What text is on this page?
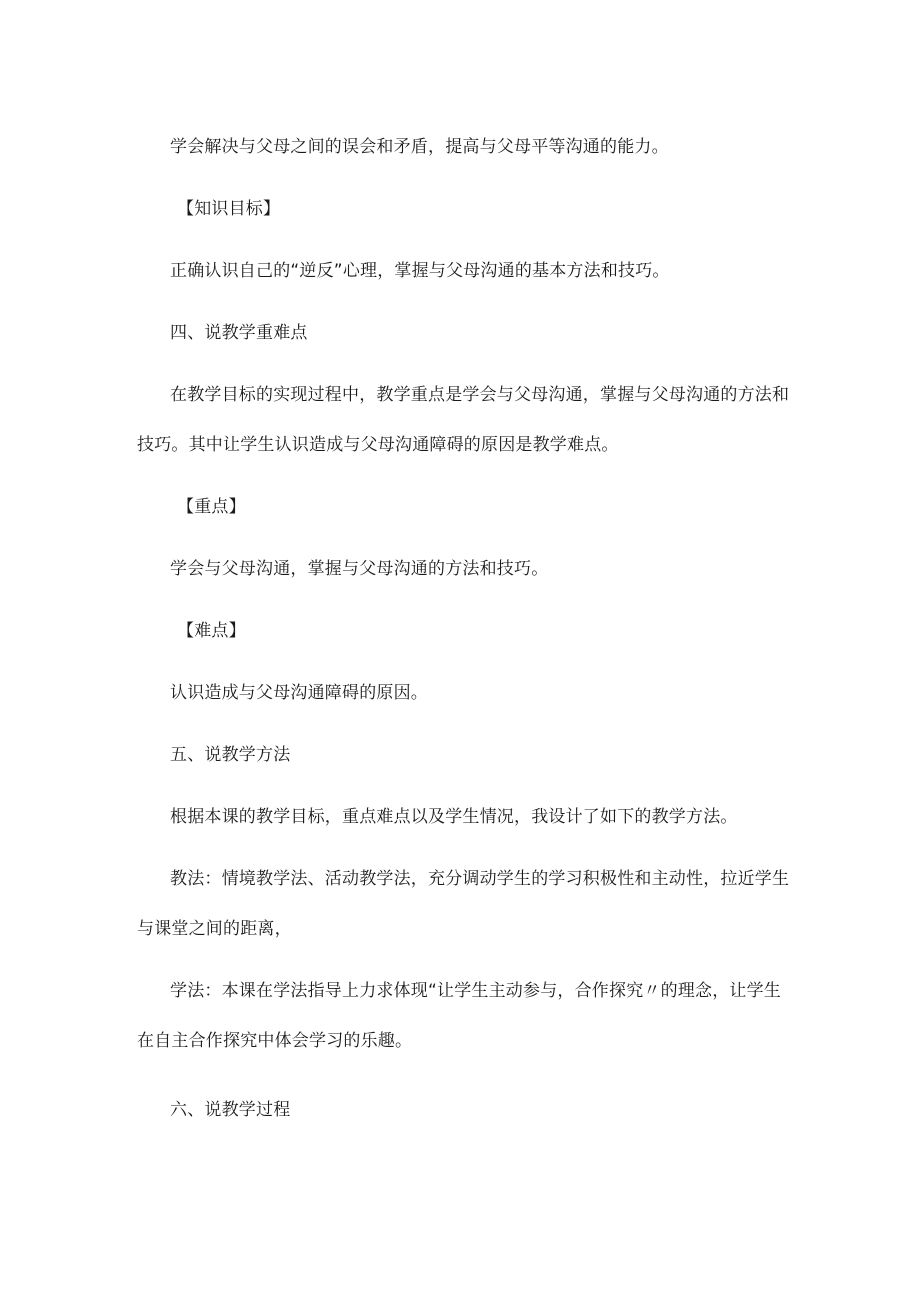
学会解决与父母之间的误会和矛盾，提高与父母平等沟通的能力。
【知识目标】
正确认识自己的“逆反”心理，掌握与父母沟通的基本方法和技巧。
四、说教学重难点
在教学目标的实现过程中，教学重点是学会与父母沟通，掌握与父母沟通的方法和
技巧。其中让学生认识造成与父母沟通障碍的原因是教学难点。
【重点】
学会与父母沟通，掌握与父母沟通的方法和技巧。
【难点】
认识造成与父母沟通障碍的原因。
五、说教学方法
根据本课的教学目标，重点难点以及学生情况，我设计了如下的教学方法。
教法：情境教学法、活动教学法，充分调动学生的学习积极性和主动性，拉近学生
与课堂之间的距离，
学法：本课在学法指导上力求体现“让学生主动参与，合作探究〃的理念，让学生
在自主合作探究中体会学习的乐趣。
六、说教学过程
